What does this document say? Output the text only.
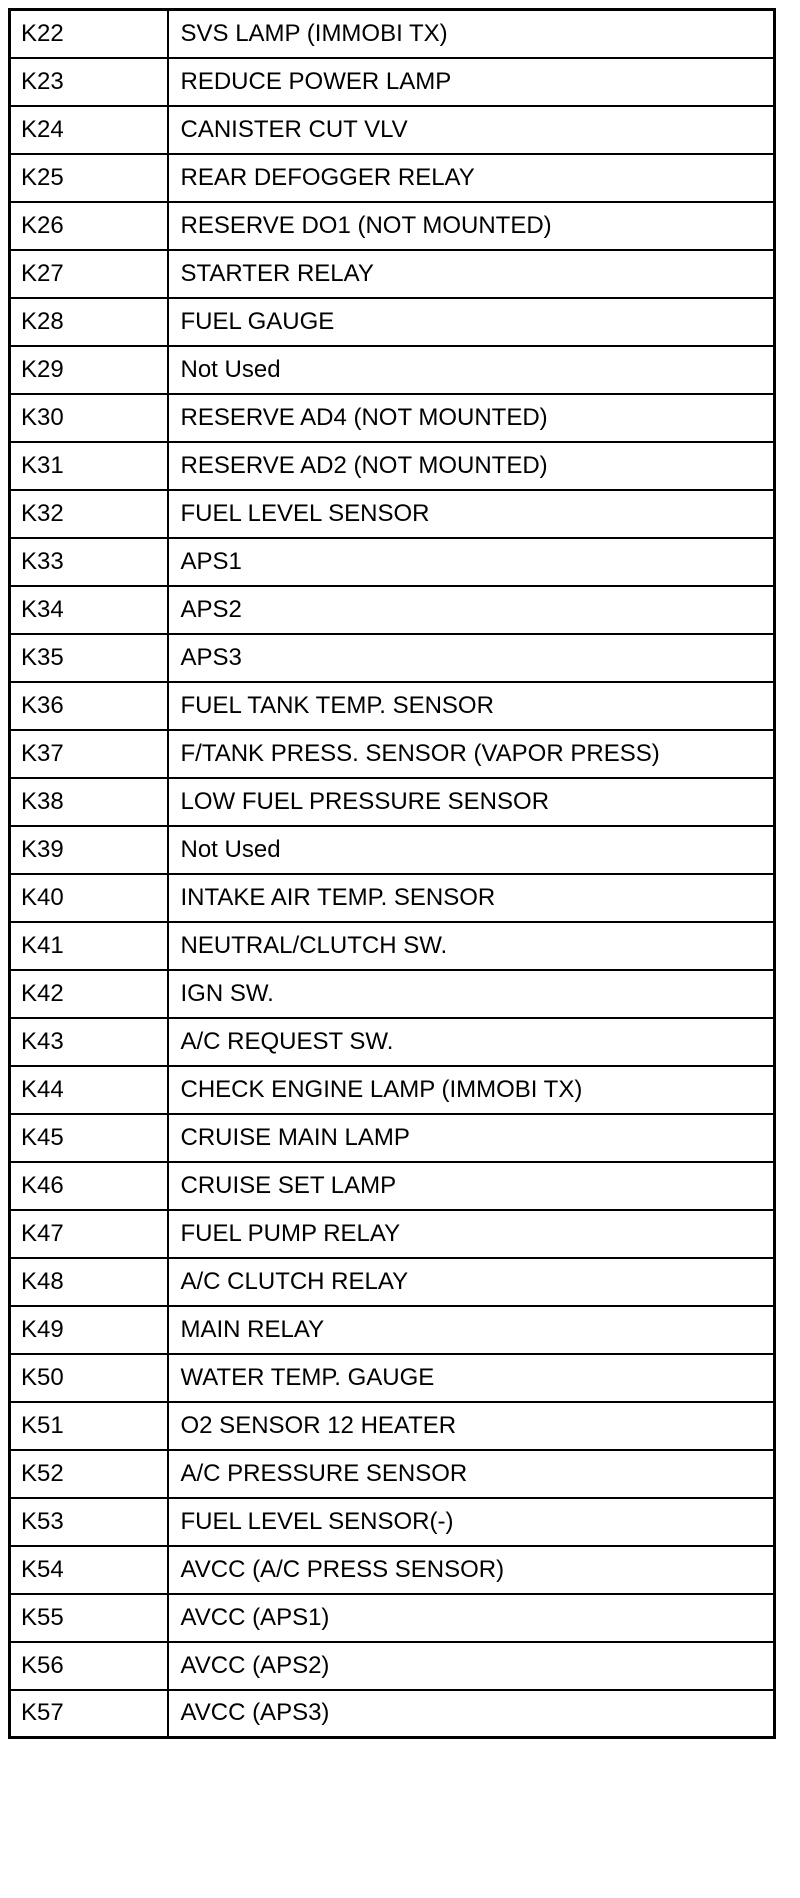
K22	SVS LAMP (IMMOBI TX)
K23	REDUCE POWER LAMP
K24	CANISTER CUT VLV
K25	REAR DEFOGGER RELAY
K26	RESERVE DO1 (NOT MOUNTED)
K27	STARTER RELAY
K28	FUEL GAUGE
K29	Not Used
K30	RESERVE AD4 (NOT MOUNTED)
K31	RESERVE AD2 (NOT MOUNTED)
K32	FUEL LEVEL SENSOR
K33	APS1
K34	APS2
K35	APS3
K36	FUEL TANK TEMP. SENSOR
K37	F/TANK PRESS. SENSOR (VAPOR PRESS)
K38	LOW FUEL PRESSURE SENSOR
K39	Not Used
K40	INTAKE AIR TEMP. SENSOR
K41	NEUTRAL/CLUTCH SW.
K42	IGN SW.
K43	A/C REQUEST SW.
K44	CHECK ENGINE LAMP (IMMOBI TX)
K45	CRUISE MAIN LAMP
K46	CRUISE SET LAMP
K47	FUEL PUMP RELAY
K48	A/C CLUTCH RELAY
K49	MAIN RELAY
K50	WATER TEMP. GAUGE
K51	O2 SENSOR 12 HEATER
K52	A/C PRESSURE SENSOR
K53	FUEL LEVEL SENSOR(-)
K54	AVCC (A/C PRESS SENSOR)
K55	AVCC (APS1)
K56	AVCC (APS2)
K57	AVCC (APS3)
